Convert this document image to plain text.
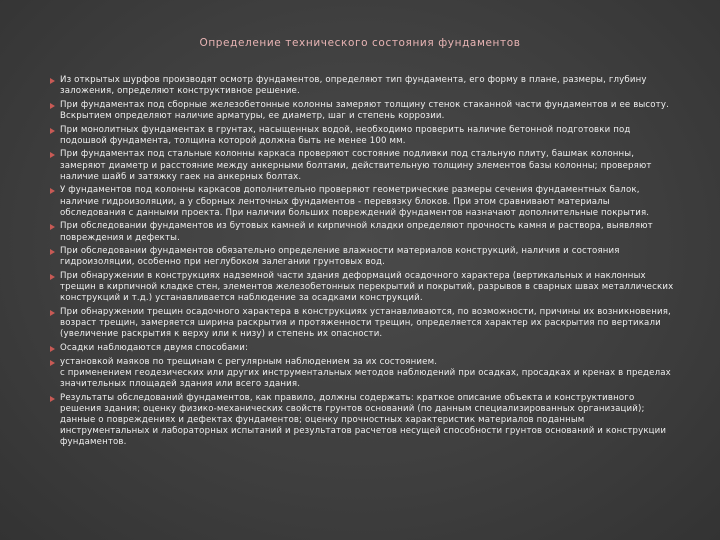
Определение технического состояния фундаментов
Из открытых шурфов производят осмотр фундаментов, определяют тип фундамента, его форму в плане, размеры, глубину заложения, определяют конструктивное решение.
При фундаментах под сборные железобетонные колонны замеряют толщину стенок стаканной части фундаментов и ее высоту. Вскрытием определяют наличие арматуры, ее диаметр, шаг и степень коррозии.
При монолитных фундаментах в грунтах, насыщенных водой, необходимо проверить наличие бетонной подготовки под подошвой фундамента, толщина которой должна быть не менее 100 мм.
При фундаментах под стальные колонны каркаса проверяют состояние подливки под стальную плиту, башмак колонны, замеряют диаметр и расстояние между анкерными болтами, действительную толщину элементов базы колонны; проверяют наличие шайб и затяжку гаек на анкерных болтах.
У фундаментов под колонны каркасов дополнительно проверяют геометрические размеры сечения фундаментных балок, наличие гидроизоляции, а у сборных ленточных фундаментов - перевязку блоков. При этом сравнивают материалы обследования с данными проекта. При наличии больших повреждений фундаментов назначают дополнительные покрытия.
При обследовании фундаментов из бутовых камней и кирпичной кладки определяют прочность камня и раствора, выявляют повреждения и дефекты.
При обследовании фундаментов обязательно определение влажности материалов конструкций, наличия и состояния гидроизоляции, особенно при неглубоком залегании грунтовых вод.
При обнаружении в конструкциях надземной части здания деформаций осадочного характера (вертикальных и наклонных трещин в кирпичной кладке стен, элементов железобетонных перекрытий и покрытий, разрывов в сварных швах металлических конструкций и т.д.) устанавливается наблюдение за осадками конструкций.
При обнаружении трещин осадочного характера в конструкциях устанавливаются, по возможности, причины их возникновения, возраст трещин, замеряется ширина раскрытия и протяженности трещин, определяется характер их раскрытия по вертикали (увеличение раскрытия к верху или к низу) и степень их опасности.
Осадки наблюдаются двумя способами:
установкой маяков по трещинам с регулярным наблюдением за их состоянием.
с применением геодезических или других инструментальных методов наблюдений при осадках, просадках и кренах в пределах значительных площадей здания или всего здания.
Результаты обследований фундаментов, как правило, должны содержать: краткое описание объекта и конструктивного решения здания; оценку физико-механических свойств грунтов оснований (по данным специализированных организаций); данные о повреждениях и дефектах фундаментов; оценку прочностных характеристик материалов поданным инструментальных и лабораторных испытаний и результатов расчетов несущей способности грунтов оснований и конструкции фундаментов.
